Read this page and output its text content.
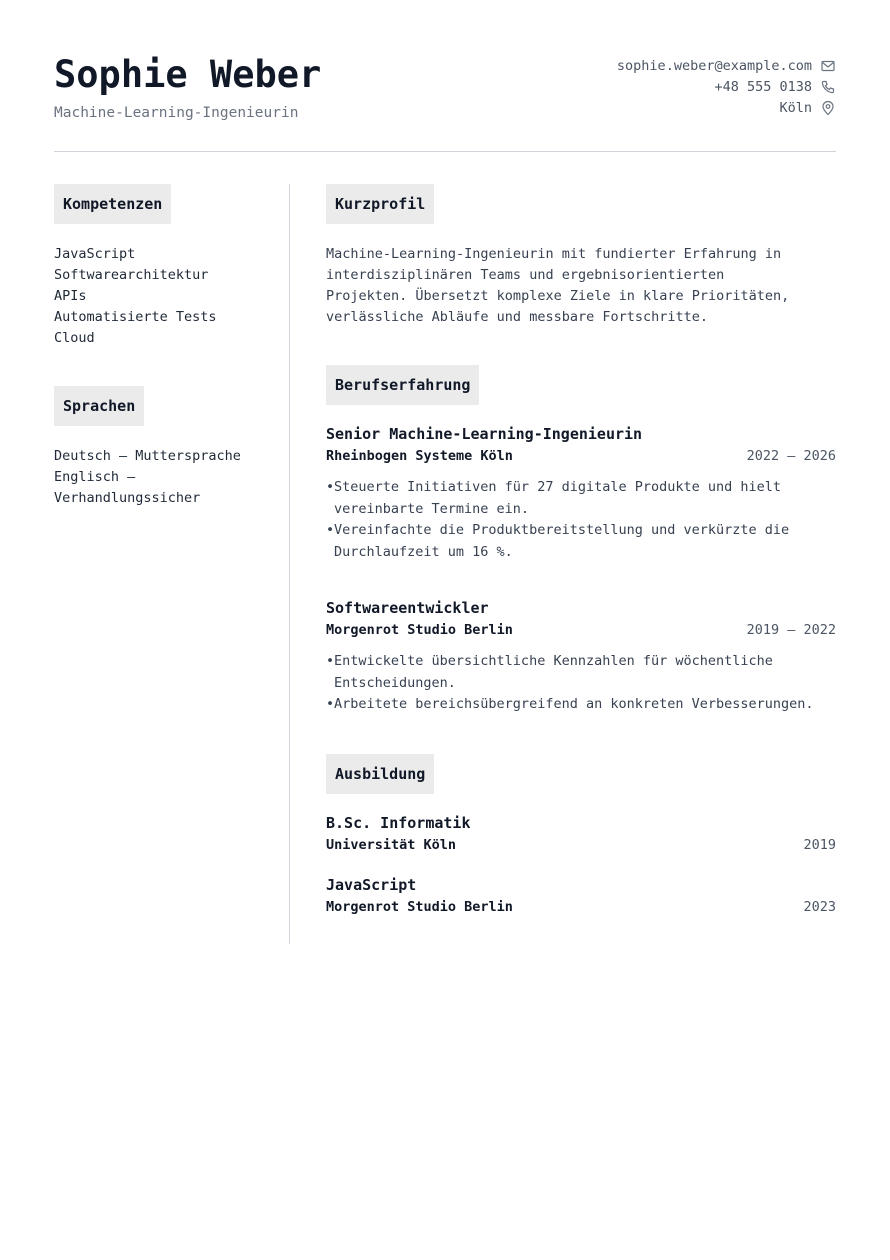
Sophie Weber
Machine-Learning-Ingenieurin
sophie.weber@example.com
+48 555 0138
Köln
Kompetenzen
JavaScript
Softwarearchitektur
APIs
Automatisierte Tests
Cloud
Sprachen
Deutsch — Muttersprache
Englisch —
Verhandlungssicher
Kurzprofil

Machine-Learning-Ingenieurin mit fundierter Erfahrung in interdisziplinären Teams und ergebnisorientierten Projekten. Übersetzt komplexe Ziele in klare Prioritäten, verlässliche Abläufe und messbare Fortschritte.

Berufserfahrung
Senior Machine-Learning-Ingenieurin
Rheinbogen Systeme Köln	2022 — 2026
•Steuerte Initiativen für 27 digitale Produkte und hielt vereinbarte Termine ein.
•Vereinfachte die Produktbereitstellung und verkürzte die Durchlaufzeit um 16 %.
Softwareentwickler
Morgenrot Studio Berlin	2019 — 2022
•Entwickelte übersichtliche Kennzahlen für wöchentliche Entscheidungen.
•Arbeitete bereichsübergreifend an konkreten Verbesserungen.
Ausbildung
B.Sc. Informatik
Universität Köln	2019
JavaScript
Morgenrot Studio Berlin	2023
